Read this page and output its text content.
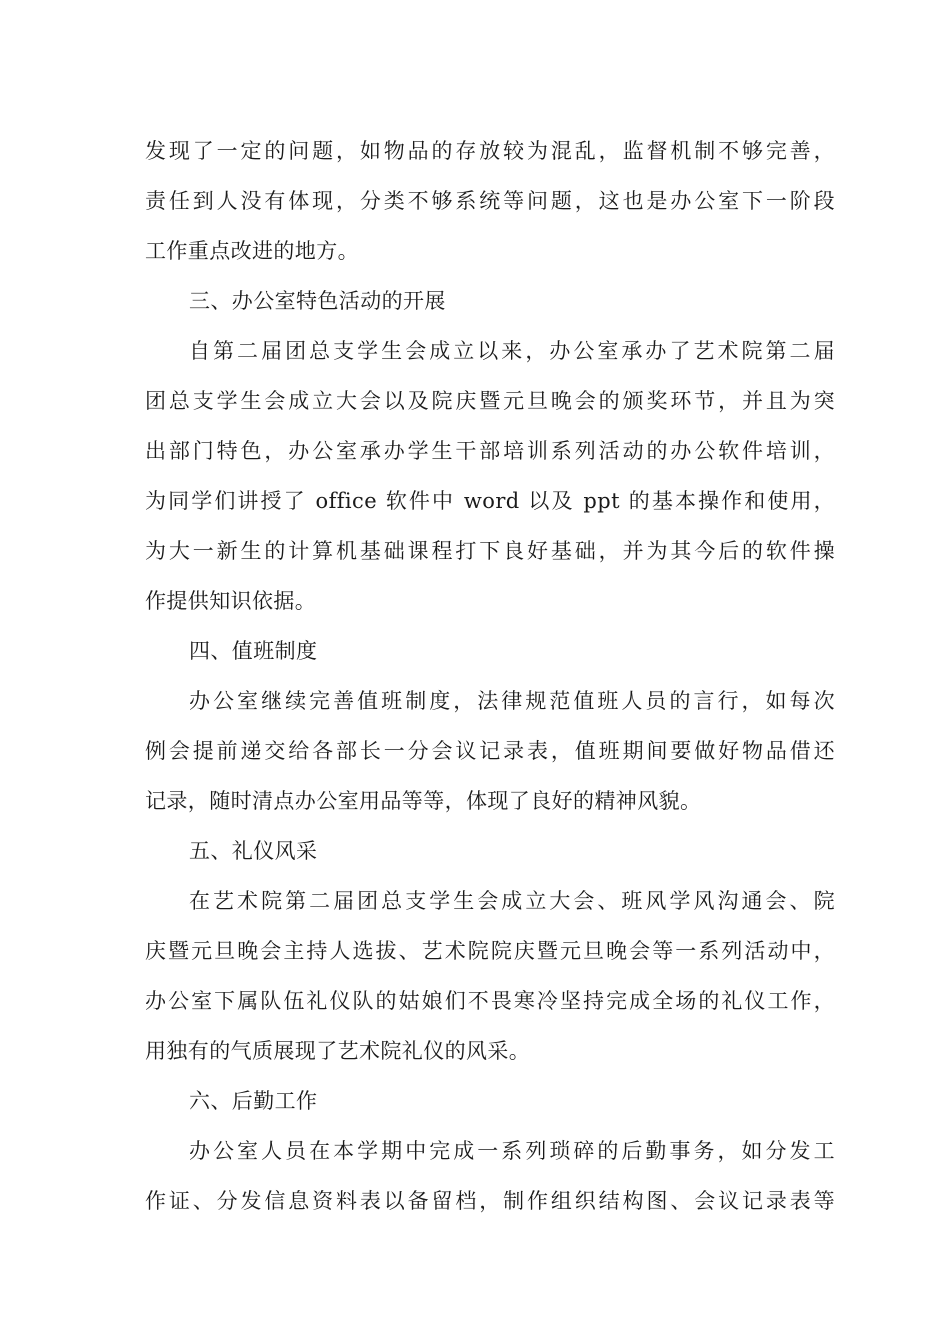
发现了一定的问题，如物品的存放较为混乱，监督机制不够完善，
责任到人没有体现，分类不够系统等问题，这也是办公室下一阶段
工作重点改进的地方。
三、办公室特色活动的开展
自第二届团总支学生会成立以来，办公室承办了艺术院第二届
团总支学生会成立大会以及院庆暨元旦晚会的颁奖环节，并且为突
出部门特色，办公室承办学生干部培训系列活动的办公软件培训，
为同学们讲授了 office 软件中 word 以及 ppt 的基本操作和使用，
为大一新生的计算机基础课程打下良好基础，并为其今后的软件操
作提供知识依据。
四、值班制度
办公室继续完善值班制度，法律规范值班人员的言行，如每次
例会提前递交给各部长一分会议记录表，值班期间要做好物品借还
记录，随时清点办公室用品等等，体现了良好的精神风貌。
五、礼仪风采
在艺术院第二届团总支学生会成立大会、班风学风沟通会、院
庆暨元旦晚会主持人选拔、艺术院院庆暨元旦晚会等一系列活动中，
办公室下属队伍礼仪队的姑娘们不畏寒冷坚持完成全场的礼仪工作，
用独有的气质展现了艺术院礼仪的风采。
六、后勤工作
办公室人员在本学期中完成一系列琐碎的后勤事务，如分发工
作证、分发信息资料表以备留档，制作组织结构图、会议记录表等
